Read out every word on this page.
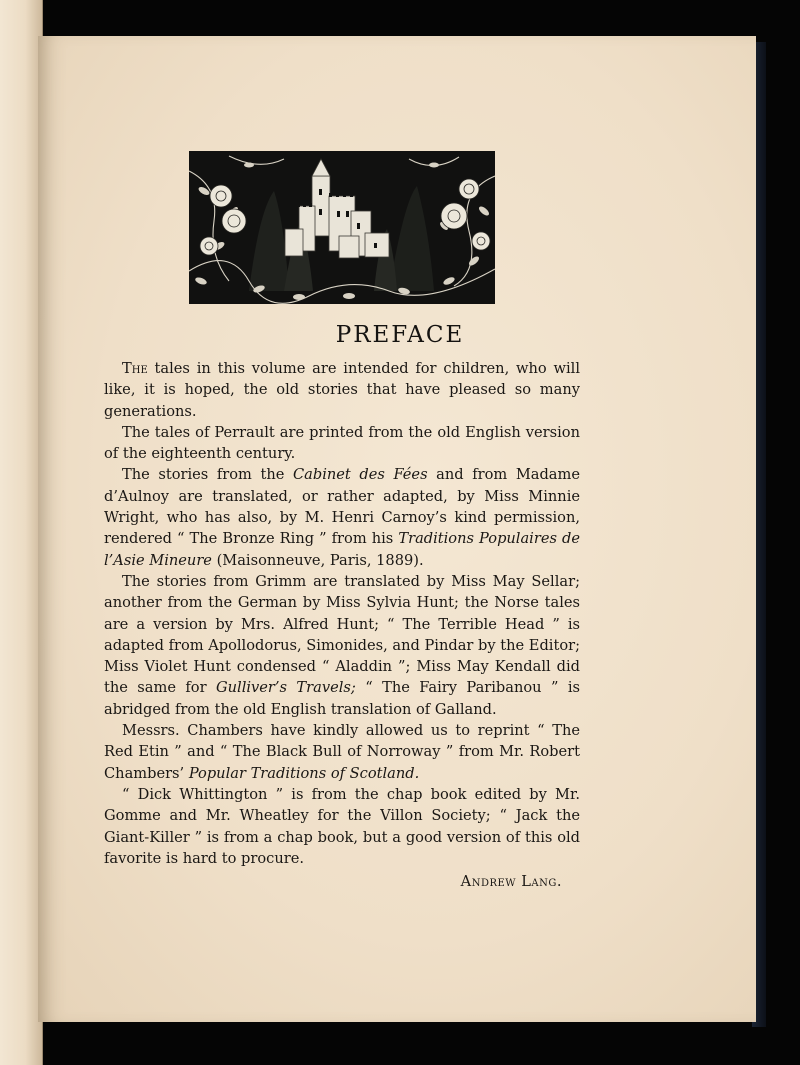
PREFACE

The tales in this volume are intended for children, who will like, it is hoped, the old stories that have pleased so many generations.

The tales of Perrault are printed from the old English version of the eighteenth century.

The stories from the Cabinet des Fées and from Madame d’Aulnoy are translated, or rather adapted, by Miss Minnie Wright, who has also, by M. Henri Carnoy’s kind permission, rendered “ The Bronze Ring ” from his Traditions Populaires de l’Asie Mineure (Maisonneuve, Paris, 1889).

The stories from Grimm are translated by Miss May Sellar; another from the German by Miss Sylvia Hunt; the Norse tales are a version by Mrs. Alfred Hunt; “ The Terrible Head ” is adapted from Apollodorus, Simonides, and Pindar by the Editor; Miss Violet Hunt condensed “ Aladdin ”; Miss May Kendall did the same for Gulliver’s Travels; “ The Fairy Paribanou ” is abridged from the old English translation of Galland.

Messrs. Chambers have kindly allowed us to reprint “ The Red Etin ” and “ The Black Bull of Norroway ” from Mr. Robert Chambers’ Popular Traditions of Scotland.

“ Dick Whittington ” is from the chap book edited by Mr. Gomme and Mr. Wheatley for the Villon Society; “ Jack the Giant-Killer ” is from a chap book, but a good version of this old favorite is hard to procure.

Andrew Lang.
